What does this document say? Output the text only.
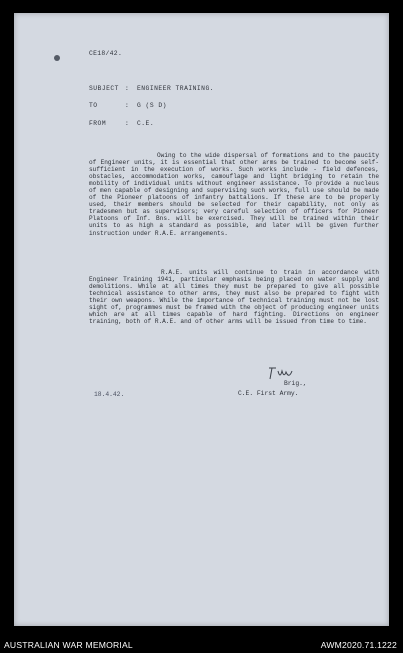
CE18/42.
SUBJECT : ENGINEER TRAINING.
TO	: G (S D)
FROM	: C.E.

Owing to the wide dispersal of formations and to the paucity of Engineer units, it is essential that other arms be trained to become self-sufficient in the execution of works. Such works include - field defences, obstacles, accommodation works, camouflage and light bridging to retain the mobility of individual units without engineer assistance. To provide a nucleus of men capable of designing and supervising such works, full use should be made of the Pioneer platoons of infantry battalions. If these are to be properly used, their members should be selected for their capability, not only as tradesmen but as supervisors; very careful selection of officers for Pioneer Platoons of Inf. Bns. will be exercised. They will be trained within their units to as high a standard as possible, and later will be given further instruction under R.A.E. arrangements.

R.A.E. units will continue to train in accordance with Engineer Training 1941, particular emphasis being placed on water supply and demolitions. While at all times they must be prepared to give all possible technical assistance to other arms, they must also be prepared to fight with their own weapons. While the importance of technical training must not be lost sight of, programmes must be framed with the object of producing engineer units which are at all times capable of hard fighting. Directions on engineer training, both of R.A.E. and of other arms will be issued from time to time.

Brig.,
C.E. First Army.
18.4.42.
AUSTRALIAN WAR MEMORIAL	AWM2020.71.1222
